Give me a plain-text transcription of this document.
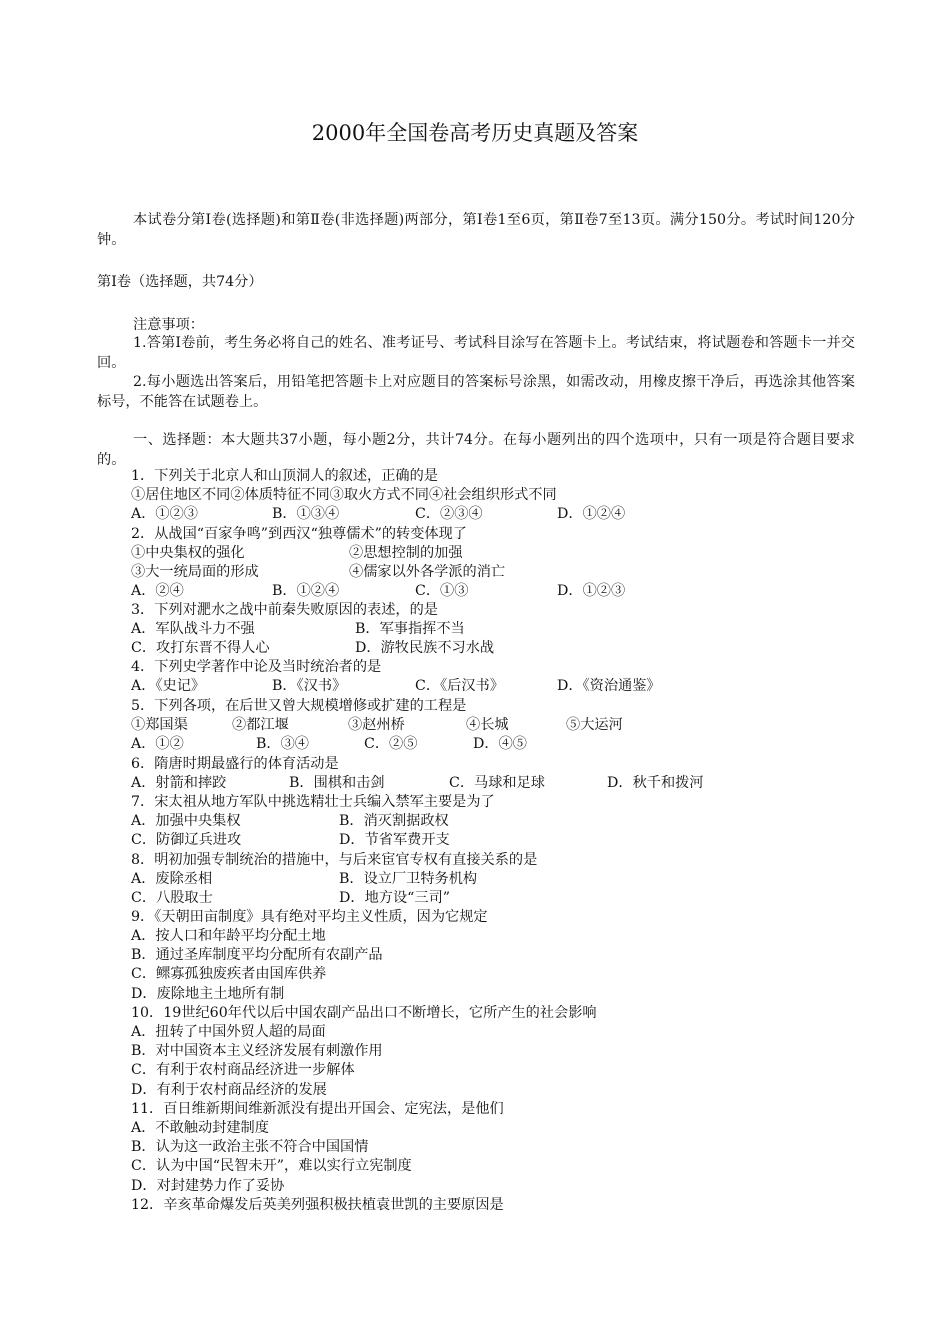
2000年全国卷高考历史真题及答案

本试卷分第Ⅰ卷(选择题)和第Ⅱ卷(非选择题)两部分，第Ⅰ卷1至6页，第Ⅱ卷7至13页。满分150分。考试时间120分钟。

第Ⅰ卷（选择题，共74分）

注意事项：

1.答第Ⅰ卷前，考生务必将自己的姓名、准考证号、考试科目涂写在答题卡上。考试结束，将试题卷和答题卡一并交回。

2.每小题选出答案后，用铅笔把答题卡上对应题目的答案标号涂黑，如需改动，用橡皮擦干净后，再选涂其他答案标号，不能答在试题卷上。

一、选择题：本大题共37小题，每小题2分，共计74分。在每小题列出的四个选项中，只有一项是符合题目要求的。

1．下列关于北京人和山顶洞人的叙述，正确的是

①居住地区不同②体质特征不同③取火方式不同④社会组织形式不同

A．①②③	B．①③④	C．②③④	D．①②④

2．从战国“百家争鸣”到西汉“独尊儒术”的转变体现了

①中央集权的强化	②思想控制的加强

③大一统局面的形成	④儒家以外各学派的消亡

A．②④	B．①②④	C．①③	D．①②③

3．下列对淝水之战中前秦失败原因的表述，的是

A．军队战斗力不强	B．军事指挥不当

C．攻打东晋不得人心	D．游牧民族不习水战

4．下列史学著作中论及当时统治者的是

A．《史记》	B．《汉书》	C．《后汉书》	D．《资治通鉴》

5．下列各项，在后世又曾大规模增修或扩建的工程是

①郑国渠	②都江堰	③赵州桥	④长城	⑤大运河

A．①②	B．③④	C．②⑤	D．④⑤

6．隋唐时期最盛行的体育活动是

A．射箭和摔跤	B．围棋和击剑	C．马球和足球	D．秋千和拨河

7．宋太祖从地方军队中挑选精壮士兵编入禁军主要是为了

A．加强中央集权	B．消灭割据政权

C．防御辽兵进攻	D．节省军费开支

8．明初加强专制统治的措施中，与后来宦官专权有直接关系的是

A．废除丞相	B．设立厂卫特务机构

C．八股取士	D．地方设“三司”

9．《天朝田亩制度》具有绝对平均主义性质，因为它规定

A．按人口和年龄平均分配土地

B．通过圣库制度平均分配所有农副产品

C．鳏寡孤独废疾者由国库供养

D．废除地主土地所有制

10．19世纪60年代以后中国农副产品出口不断增长，它所产生的社会影响

A．扭转了中国外贸人超的局面

B．对中国资本主义经济发展有刺激作用

C．有利于农村商品经济进一步解体

D．有利于农村商品经济的发展

11．百日维新期间维新派没有提出开国会、定宪法，是他们

A．不敢触动封建制度

B．认为这一政治主张不符合中国国情

C．认为中国“民智未开”，难以实行立宪制度

D．对封建势力作了妥协

12．辛亥革命爆发后英美列强积极扶植袁世凯的主要原因是
